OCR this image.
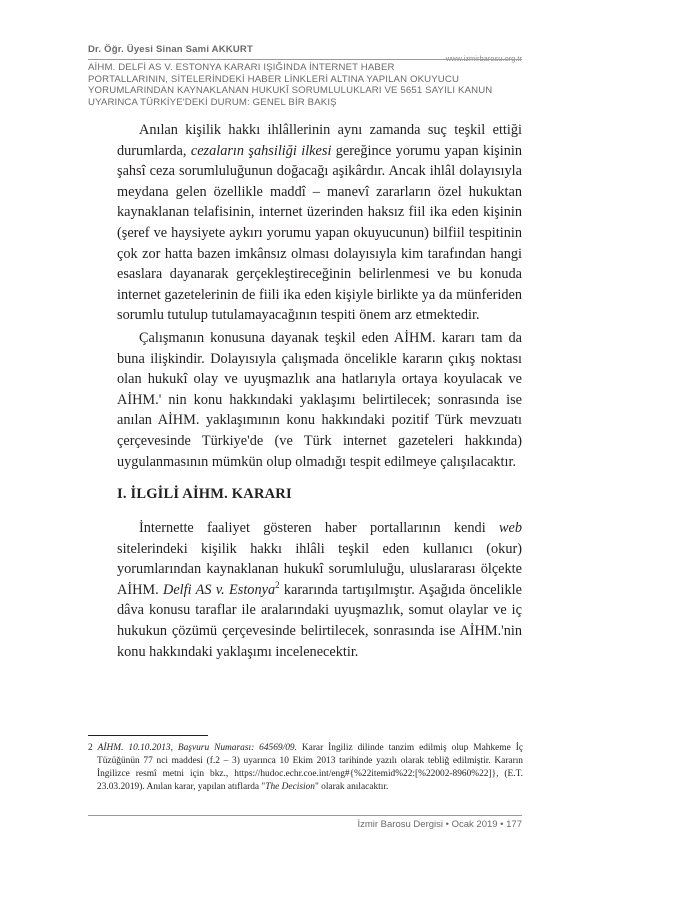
Dr. Öğr. Üyesi Sinan Sami AKKURT
www.izmirbarosu.org.tr
AİHM. DELFİ AS V. ESTONYA KARARI IŞIĞINDA İNTERNET HABER
PORTALLARININ, SİTELERİNDEKİ HABER LİNKLERİ ALTINA YAPILAN OKUYUCU
YORUMLARINDAN KAYNAKLANAN HUKUKÎ SORUMLULUKLARI VE 5651 SAYILI KANUN
UYARINCA TÜRKİYE'DEKİ DURUM: GENEL BİR BAKIŞ

Anılan kişilik hakkı ihlâllerinin aynı zamanda suç teşkil ettiği durumlarda, cezaların şahsiliği ilkesi gereğince yorumu yapan kişinin şahsî ceza sorumluluğunun doğacağı aşikârdır. Ancak ihlâl dolayısıyla meydana gelen özellikle maddî – manevî zararların özel hukuktan kaynaklanan telafisinin, internet üzerinden haksız fiil ika eden kişinin (şeref ve haysiyete aykırı yorumu yapan okuyucunun) bilfiil tespitinin çok zor hatta bazen imkânsız olması dolayısıyla kim tarafından hangi esaslara dayanarak gerçekleştireceğinin belirlenmesi ve bu konuda internet gazetelerinin de fiili ika eden kişiyle birlikte ya da münferiden sorumlu tutulup tutulamayacağının tespiti önem arz etmektedir.

Çalışmanın konusuna dayanak teşkil eden AİHM. kararı tam da buna ilişkindir. Dolayısıyla çalışmada öncelikle kararın çıkış noktası olan hukukî olay ve uyuşmazlık ana hatlarıyla ortaya koyulacak ve AİHM.' nin konu hakkındaki yaklaşımı belirtilecek; sonrasında ise anılan AİHM. yaklaşımının konu hakkındaki pozitif Türk mevzuatı çerçevesinde Türkiye'de (ve Türk internet gazeteleri hakkında) uygulanmasının mümkün olup olmadığı tespit edilmeye çalışılacaktır.

I. İLGİLİ AİHM. KARARI

İnternette faaliyet gösteren haber portallarının kendi web sitelerindeki kişilik hakkı ihlâli teşkil eden kullanıcı (okur) yorumlarından kaynaklanan hukukî sorumluluğu, uluslararası ölçekte AİHM. Delfi AS v. Estonya$^2$ kararında tartışılmıştır. Aşağıda öncelikle dâva konusu taraflar ile aralarındaki uyuşmazlık, somut olaylar ve iç hukukun çözümü çerçevesinde belirtilecek, sonrasında ise AİHM.'nin konu hakkındaki yaklaşımı incelenecektir.

2 AİHM. 10.10.2013, Başvuru Numarası: 64569/09. Karar İngiliz dilinde tanzim edilmiş olup Mahkeme İç Tüzüğünün 77 nci maddesi (f.2 – 3) uyarınca 10 Ekim 2013 tarihinde yazılı olarak tebliğ edilmiştir. Kararın İngilizce resmî metni için bkz., https://hudoc.echr.coe.int/eng#{%22itemid%22:[%22002-8960%22]}, (E.T. 23.03.2019). Anılan karar, yapılan atıflarda "The Decision" olarak anılacaktır.
İzmir Barosu Dergisi • Ocak 2019 • 177
